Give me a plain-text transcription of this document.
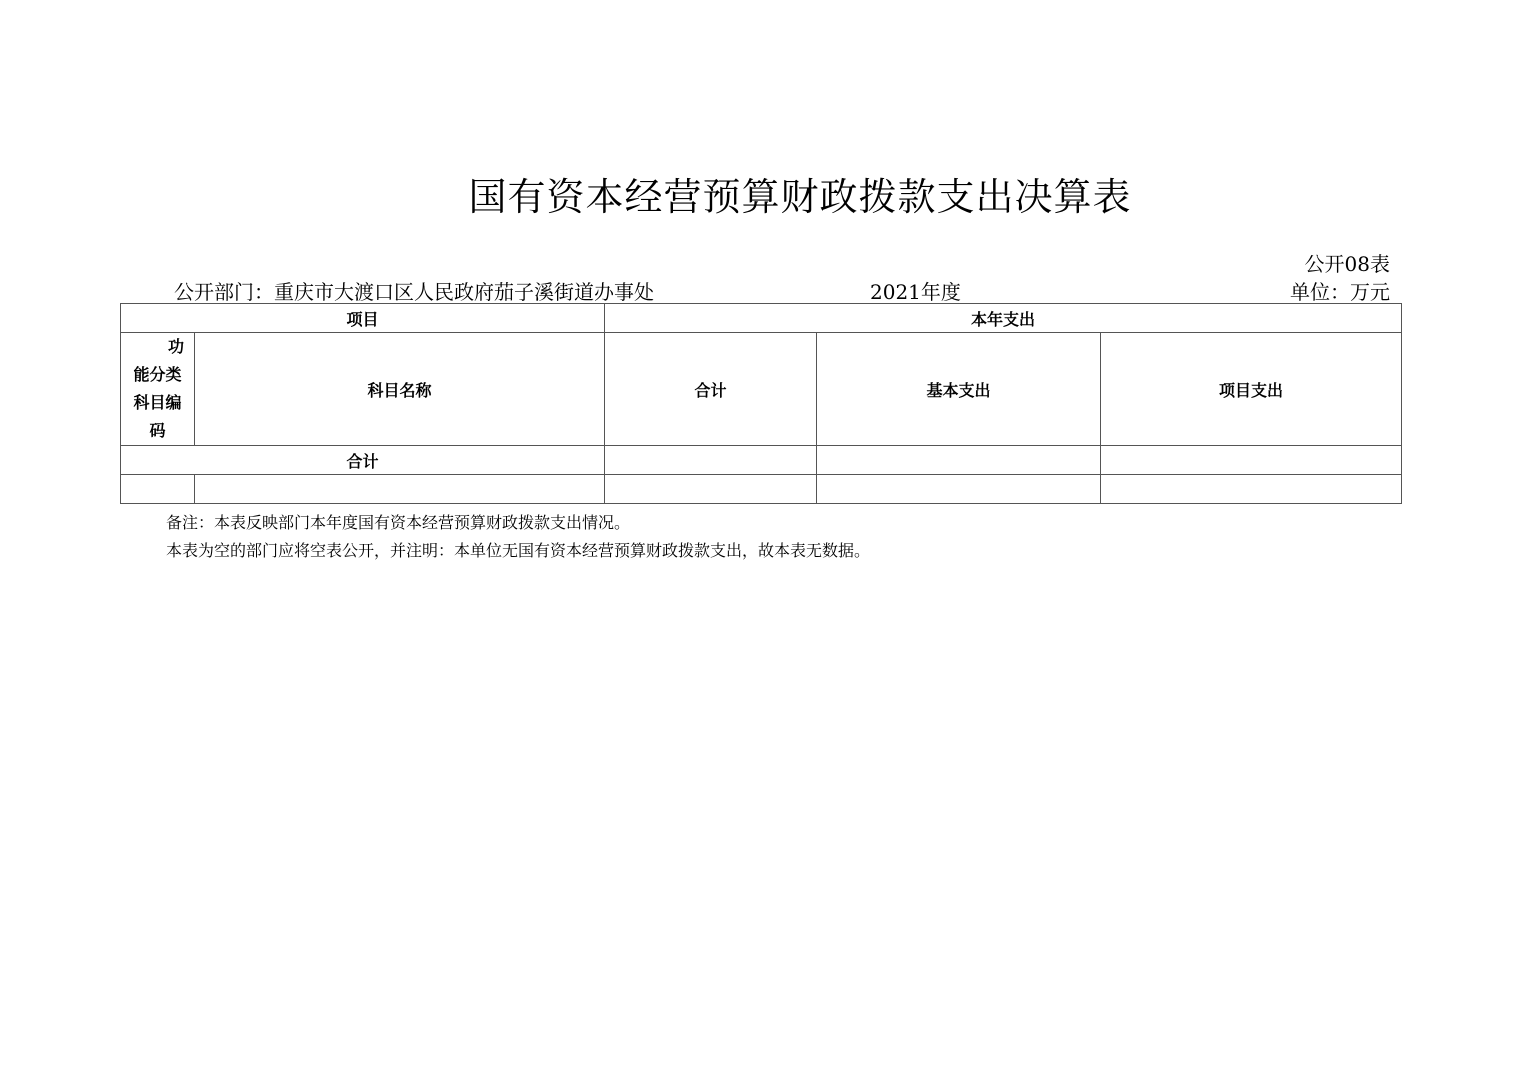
国有资本经营预算财政拨款支出决算表
公开08表
公开部门：重庆市大渡口区人民政府茄子溪街道办事处	2021年度	单位：万元
项目		本年支出		

功
能分类
科目编
码	科目名称	合计	基本支出	项目支出
合计				

备注：本表反映部门本年度国有资本经营预算财政拨款支出情况。
本表为空的部门应将空表公开，并注明：本单位无国有资本经营预算财政拨款支出，故本表无数据。
